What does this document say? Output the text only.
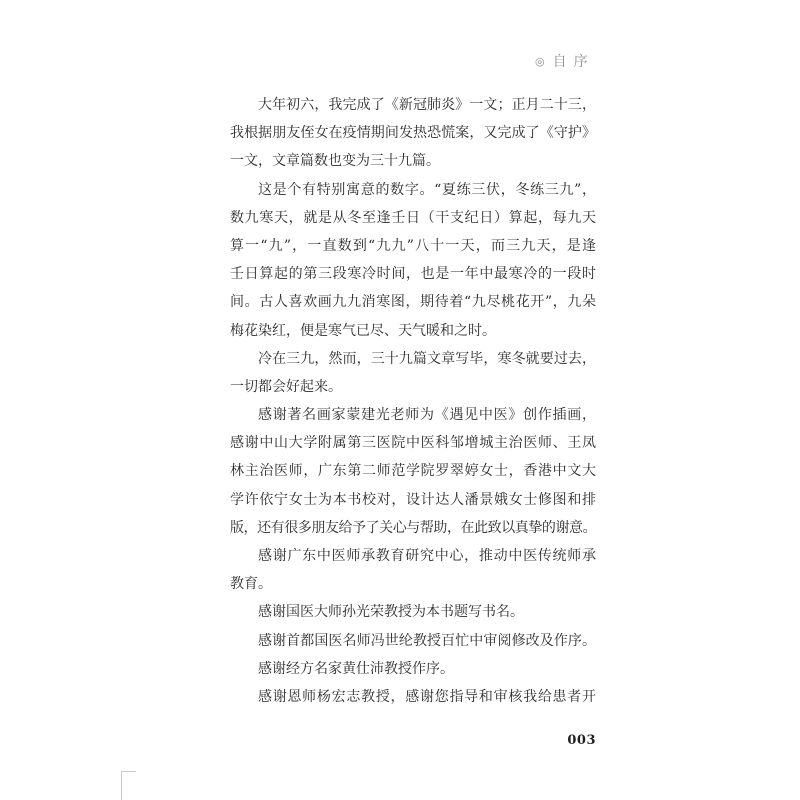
◎ 自序
大年初六，我完成了《新冠肺炎》一文；正月二十三，
我根据朋友侄女在疫情期间发热恐慌案，又完成了《守护》
一文，文章篇数也变为三十九篇。
这是个有特别寓意的数字。“夏练三伏，冬练三九”，
数九寒天，就是从冬至逢壬日（干支纪日）算起，每九天
算一“九”，一直数到“九九”八十一天，而三九天，是逢
壬日算起的第三段寒冷时间，也是一年中最寒冷的一段时
间。古人喜欢画九九消寒图，期待着“九尽桃花开”，九朵
梅花染红，便是寒气已尽、天气暖和之时。
冷在三九，然而，三十九篇文章写毕，寒冬就要过去，
一切都会好起来。
感谢著名画家蒙建光老师为《遇见中医》创作插画，
感谢中山大学附属第三医院中医科邹增城主治医师、王凤
林主治医师，广东第二师范学院罗翠婷女士，香港中文大
学许依宁女士为本书校对，设计达人潘景娥女士修图和排
版，还有很多朋友给予了关心与帮助，在此致以真挚的谢意。
感谢广东中医师承教育研究中心，推动中医传统师承
教育。
感谢国医大师孙光荣教授为本书题写书名。
感谢首都国医名师冯世纶教授百忙中审阅修改及作序。
感谢经方名家黄仕沛教授作序。
感谢恩师杨宏志教授，感谢您指导和审核我给患者开
003
